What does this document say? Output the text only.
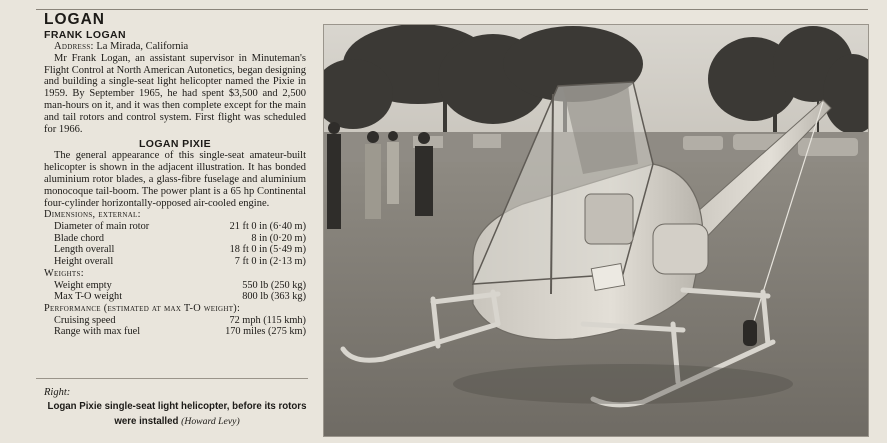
LOGAN
FRANK LOGAN
Address: La Mirada, California

Mr Frank Logan, an assistant supervisor in Minuteman's Flight Control at North American Autonetics, began designing and building a single-seat light helicopter named the Pixie in 1959. By September 1965, he had spent $3,500 and 2,500 man-hours on it, and it was then complete except for the main and tail rotors and control system. First flight was scheduled for 1966.

LOGAN PIXIE

The general appearance of this single-seat amateur-built helicopter is shown in the adjacent illustration. It has bonded aluminium rotor blades, a glass-fibre fuselage and aluminium monocoque tail-boom. The power plant is a 65 hp Continental four-cylinder horizontally-opposed air-cooled engine.

Dimensions, external:
Diameter of main rotor	21 ft 0 in (6·40 m)
Blade chord	8 in (0·20 m)
Length overall	18 ft 0 in (5·49 m)
Height overall	7 ft 0 in (2·13 m)
Weights:
Weight empty	550 lb (250 kg)
Max T-O weight	800 lb (363 kg)
Performance (estimated at max T-O weight):
Cruising speed	72 mph (115 kmh)
Range with max fuel	170 miles (275 km)
Right:
Logan Pixie single-seat light helicopter, before its rotors were installed (Howard Levy)
